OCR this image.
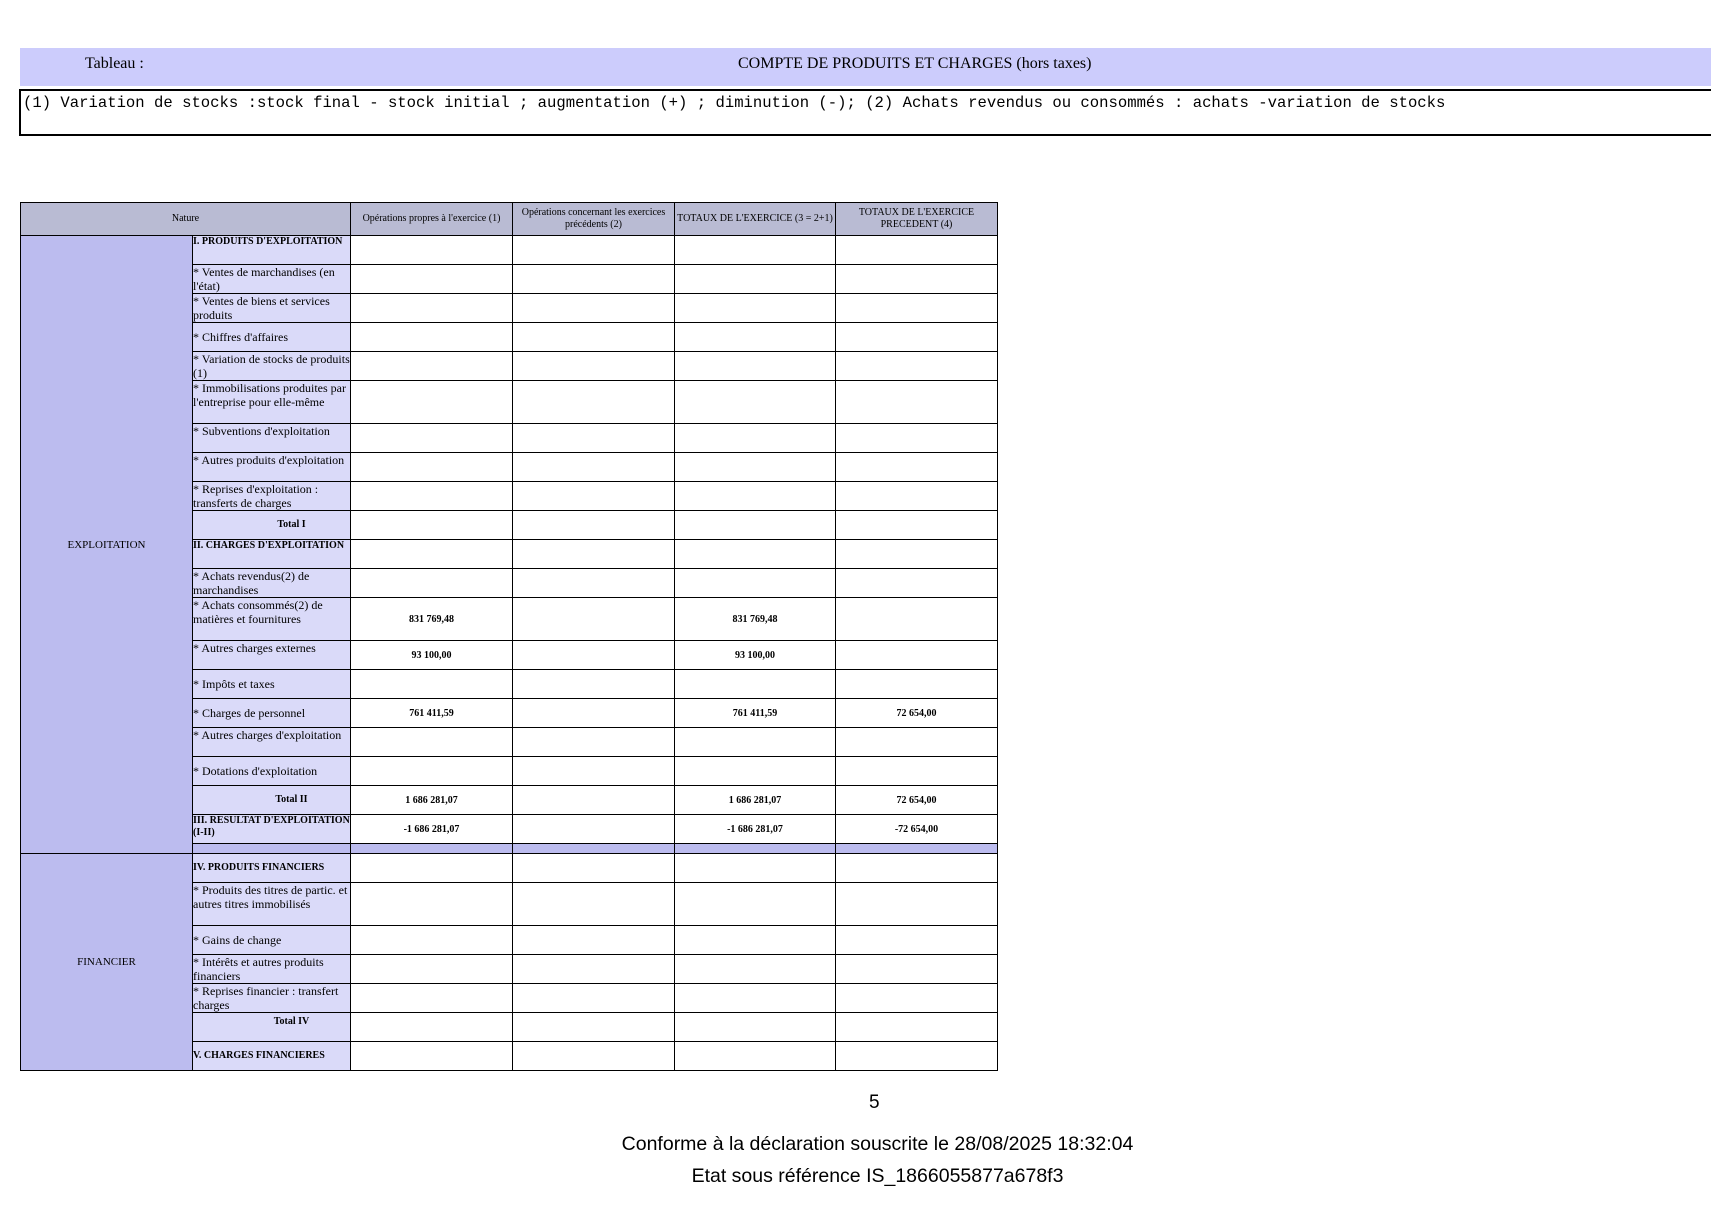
Tableau :	COMPTE DE PRODUITS ET CHARGES (hors taxes)
(1) Variation de stocks :stock final - stock initial ; augmentation (+) ; diminution (-); (2) Achats revendus ou consommés : achats -variation de stocks
Nature		Opérations propres à l'exercice (1)	Opérations concernant les exercices précédents (2)	TOTAUX DE L'EXERCICE (3 = 2+1)	TOTAUX DE L'EXERCICE PRECEDENT (4)
EXPLOITATION	I. PRODUITS D'EXPLOITATION				
	* Ventes de marchandises (en l'état)				
	* Ventes de biens et services produits				
	* Chiffres d'affaires				
	* Variation de stocks de produits (1)				
	* Immobilisations produites par l'entreprise pour elle-même				
	* Subventions d'exploitation				
	* Autres produits d'exploitation				
	* Reprises d'exploitation : transferts de charges				
	Total I				
	II. CHARGES D'EXPLOITATION				
	* Achats revendus(2) de marchandises				
	* Achats consommés(2) de matières et fournitures	831 769,48		831 769,48	
	* Autres charges externes	93 100,00		93 100,00	
	* Impôts et taxes				
	* Charges de personnel	761 411,59		761 411,59	72 654,00
	* Autres charges d'exploitation				
	* Dotations d'exploitation				
	Total II	1 686 281,07		1 686 281,07	72 654,00
	III. RESULTAT D'EXPLOITATION (I-II)	-1 686 281,07		-1 686 281,07	-72 654,00

FINANCIER	IV. PRODUITS FINANCIERS				
	* Produits des titres de partic. et autres titres immobilisés				
	* Gains de change				
	* Intérêts et autres produits financiers				
	* Reprises financier : transfert charges				
	Total IV				
	V. CHARGES FINANCIERES				
5
Conforme à la déclaration souscrite le 28/08/2025 18:32:04
Etat sous référence IS_1866055877a678f3
